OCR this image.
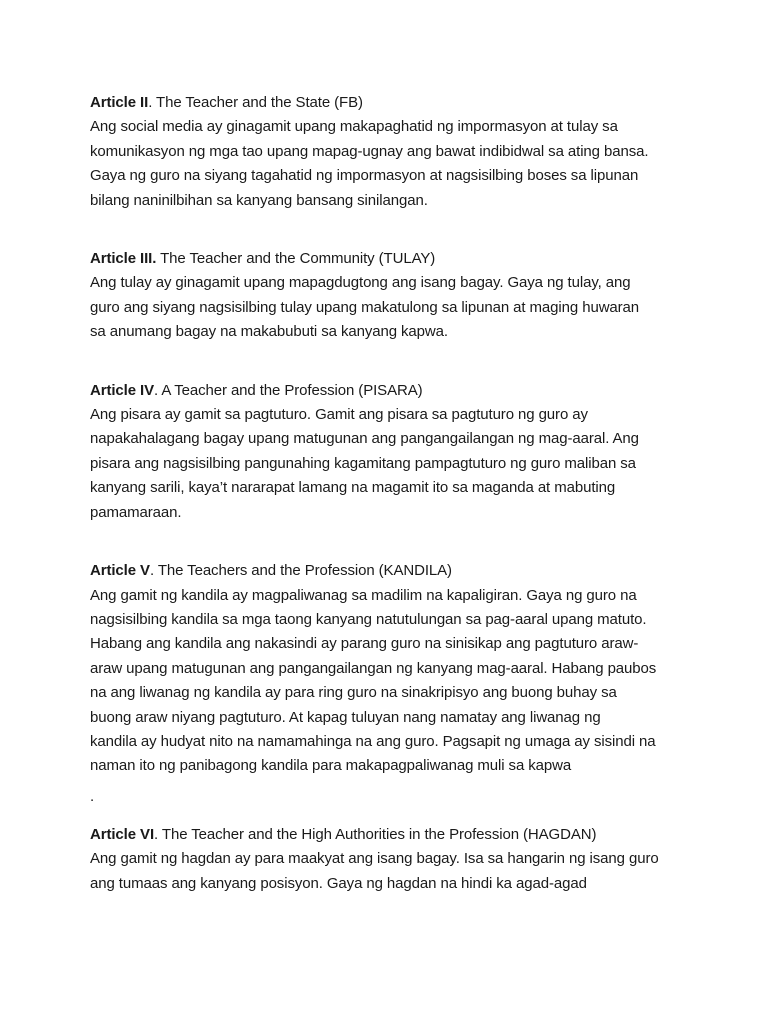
Article II. The Teacher and the State (FB)
Ang social media ay ginagamit upang makapaghatid ng impormasyon at tulay sa
komunikasyon ng mga tao upang mapag-ugnay ang bawat indibidwal sa ating bansa.
Gaya ng guro na siyang tagahatid ng impormasyon at nagsisilbing boses sa lipunan
bilang naninilbihan sa kanyang bansang sinilangan.
Article III. The Teacher and the Community (TULAY)
Ang tulay ay ginagamit upang mapagdugtong ang isang bagay. Gaya ng tulay, ang
guro ang siyang nagsisilbing tulay upang makatulong sa lipunan at maging huwaran
sa anumang bagay na makabubuti sa kanyang kapwa.
Article IV. A Teacher and the Profession (PISARA)
Ang pisara ay gamit sa pagtuturo. Gamit ang pisara sa pagtuturo ng guro ay
napakahalagang bagay upang matugunan ang pangangailangan ng mag-aaral. Ang
pisara ang nagsisilbing pangunahing kagamitang pampagtuturo ng guro maliban sa
kanyang sarili, kaya’t nararapat lamang na magamit ito sa maganda at mabuting
pamamaraan.
Article V. The Teachers and the Profession (KANDILA)
Ang gamit ng kandila ay magpaliwanag sa madilim na kapaligiran. Gaya ng guro na
nagsisilbing kandila sa mga taong kanyang natutulungan sa pag-aaral upang matuto.
Habang ang kandila ang nakasindi ay parang guro na sinisikap ang pagtuturo araw-
araw upang matugunan ang pangangailangan ng kanyang mag-aaral. Habang paubos
na ang liwanag ng kandila ay para ring guro na sinakripisyo ang buong buhay sa
buong araw niyang pagtuturo. At kapag tuluyan nang namatay ang liwanag ng
kandila ay hudyat nito na namamahinga na ang guro. Pagsapit ng umaga ay sisindi na
naman ito ng panibagong kandila para makapagpaliwanag muli sa kapwa
.
Article VI. The Teacher and the High Authorities in the Profession (HAGDAN)
Ang gamit ng hagdan ay para maakyat ang isang bagay. Isa sa hangarin ng isang guro
ang tumaas ang kanyang posisyon. Gaya ng hagdan na hindi ka agad-agad
